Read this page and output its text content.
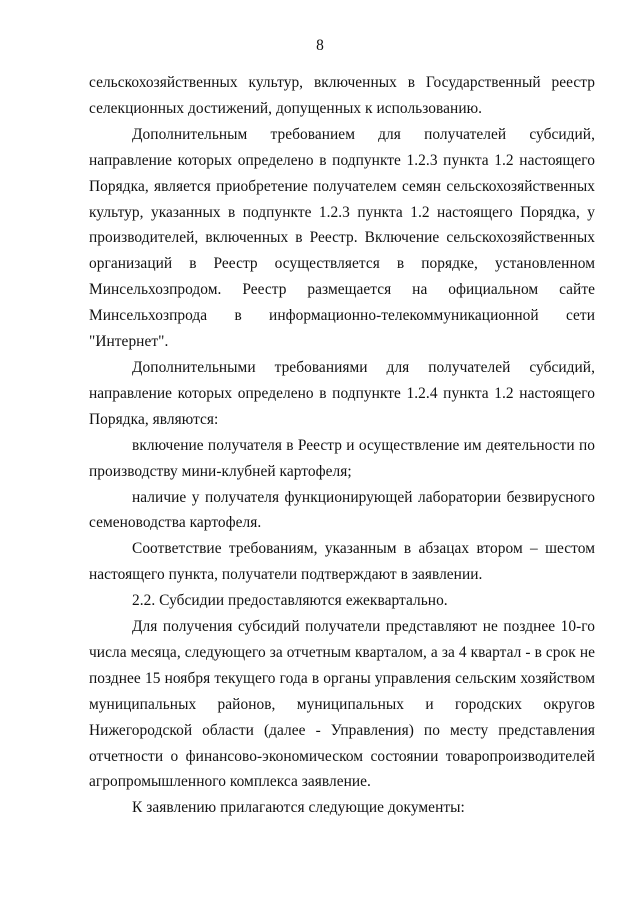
8

сельскохозяйственных культур, включенных в Государственный реестр селекционных достижений, допущенных к использованию.

Дополнительным требованием для получателей субсидий, направление которых определено в подпункте 1.2.3 пункта 1.2 настоящего Порядка, является приобретение получателем семян сельскохозяйственных культур, указанных в подпункте 1.2.3 пункта 1.2 настоящего Порядка, у производителей, включенных в Реестр. Включение сельскохозяйственных организаций в Реестр осуществляется в порядке, установленном Минсельхозпродом. Реестр размещается на официальном сайте Минсельхозпрода в информационно-телекоммуникационной сети "Интернет".

Дополнительными требованиями для получателей субсидий, направление которых определено в подпункте 1.2.4 пункта 1.2 настоящего Порядка, являются:

включение получателя в Реестр и осуществление им деятельности по производству мини-клубней картофеля;

наличие у получателя функционирующей лаборатории безвирусного семеноводства картофеля.

Соответствие требованиям, указанным в абзацах втором – шестом настоящего пункта, получатели подтверждают в заявлении.

2.2. Субсидии предоставляются ежеквартально.

Для получения субсидий получатели представляют не позднее 10-го числа месяца, следующего за отчетным кварталом, а за 4 квартал - в срок не позднее 15 ноября текущего года в органы управления сельским хозяйством муниципальных районов, муниципальных и городских округов Нижегородской области (далее - Управления) по месту представления отчетности о финансово-экономическом состоянии товаропроизводителей агропромышленного комплекса заявление.

К заявлению прилагаются следующие документы:
